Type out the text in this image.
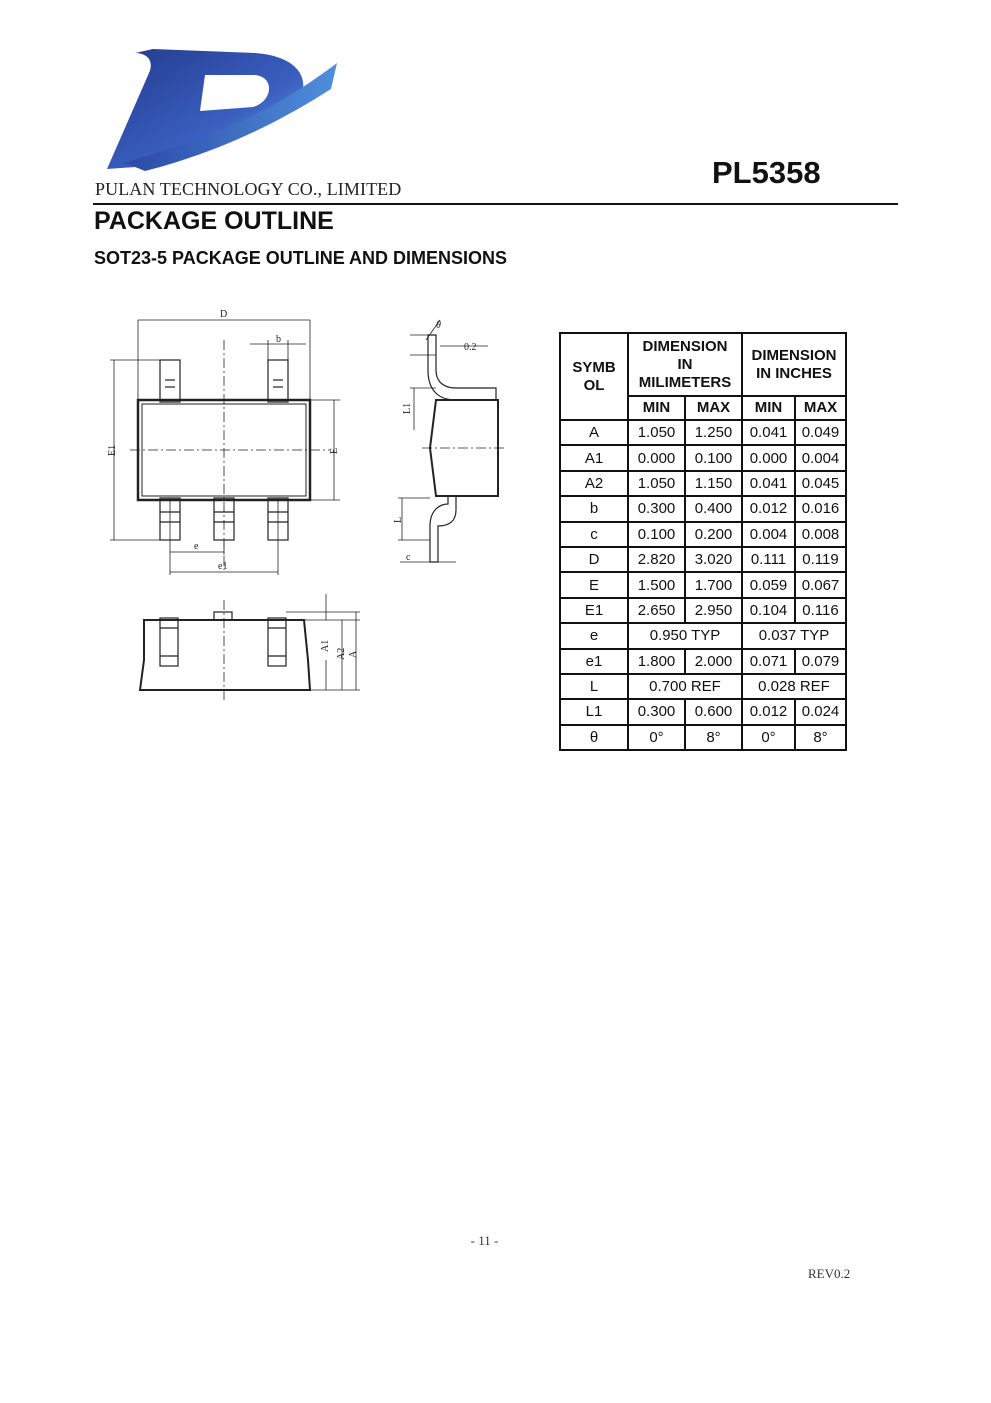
PULAN TECHNOLOGY CO., LIMITED	PL5358
PACKAGE OUTLINE
SOT23-5 PACKAGE OUTLINE AND DIMENSIONS
D
b
E1	E
e
e1
θ
0.2
L1
L
c
A1
A2 A
SYMB OL	DIMENSION IN MILIMETERS		DIMENSION IN INCHES	

	MIN	MAX	MIN	MAX
A	1.050	1.250	0.041	0.049
A1	0.000	0.100	0.000	0.004
A2	1.050	1.150	0.041	0.045
b	0.300	0.400	0.012	0.016
c	0.100	0.200	0.004	0.008
D	2.820	3.020	0.111	0.119
E	1.500	1.700	0.059	0.067
E1	2.650	2.950	0.104	0.116
e	0.950 TYP		0.037 TYP	
e1	1.800	2.000	0.071	0.079
L	0.700 REF		0.028 REF	
L1	0.300	0.600	0.012	0.024
θ	0°	8°	0°	8°
- 11 -
REV0.2
